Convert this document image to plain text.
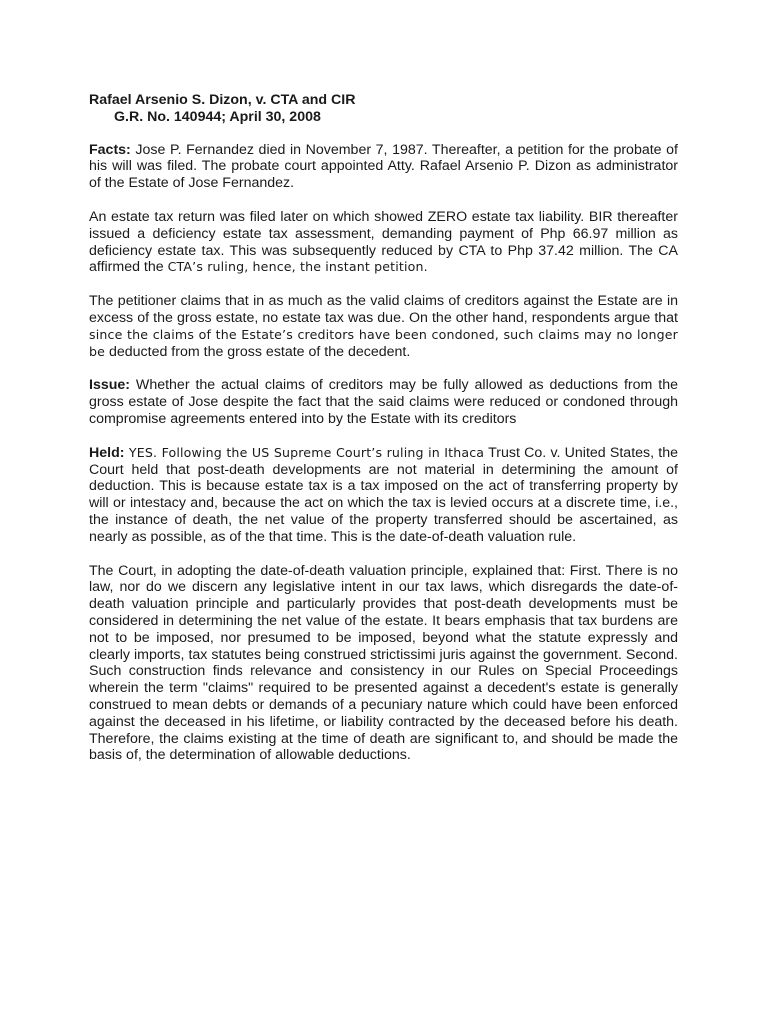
Rafael Arsenio S. Dizon, v. CTA and CIR
G.R. No. 140944; April 30, 2008

Facts: Jose P. Fernandez died in November 7, 1987. Thereafter, a petition for the probate of his will was filed. The probate court appointed Atty. Rafael Arsenio P. Dizon as administrator of the Estate of Jose Fernandez.

An estate tax return was filed later on which showed ZERO estate tax liability. BIR thereafter issued a deficiency estate tax assessment, demanding payment of Php 66.97 million as deficiency estate tax. This was subsequently reduced by CTA to Php 37.42 million. The CA affirmed the CTA’s ruling, hence, the instant petition.

The petitioner claims that in as much as the valid claims of creditors against the Estate are in excess of the gross estate, no estate tax was due. On the other hand, respondents argue that since the claims of the Estate’s creditors have been condoned, such claims may no longer be deducted from the gross estate of the decedent.

Issue: Whether the actual claims of creditors may be fully allowed as deductions from the gross estate of Jose despite the fact that the said claims were reduced or condoned through compromise agreements entered into by the Estate with its creditors

Held: YES. Following the US Supreme Court’s ruling in Ithaca Trust Co. v. United States, the Court held that post-death developments are not material in determining the amount of deduction. This is because estate tax is a tax imposed on the act of transferring property by will or intestacy and, because the act on which the tax is levied occurs at a discrete time, i.e., the instance of death, the net value of the property transferred should be ascertained, as nearly as possible, as of the that time. This is the date-of-death valuation rule.

The Court, in adopting the date-of-death valuation principle, explained that: First. There is no law, nor do we discern any legislative intent in our tax laws, which disregards the date-of-death valuation principle and particularly provides that post-death developments must be considered in determining the net value of the estate. It bears emphasis that tax burdens are not to be imposed, nor presumed to be imposed, beyond what the statute expressly and clearly imports, tax statutes being construed strictissimi juris against the government. Second. Such construction finds relevance and consistency in our Rules on Special Proceedings wherein the term "claims" required to be presented against a decedent's estate is generally construed to mean debts or demands of a pecuniary nature which could have been enforced against the deceased in his lifetime, or liability contracted by the deceased before his death. Therefore, the claims existing at the time of death are significant to, and should be made the basis of, the determination of allowable deductions.
